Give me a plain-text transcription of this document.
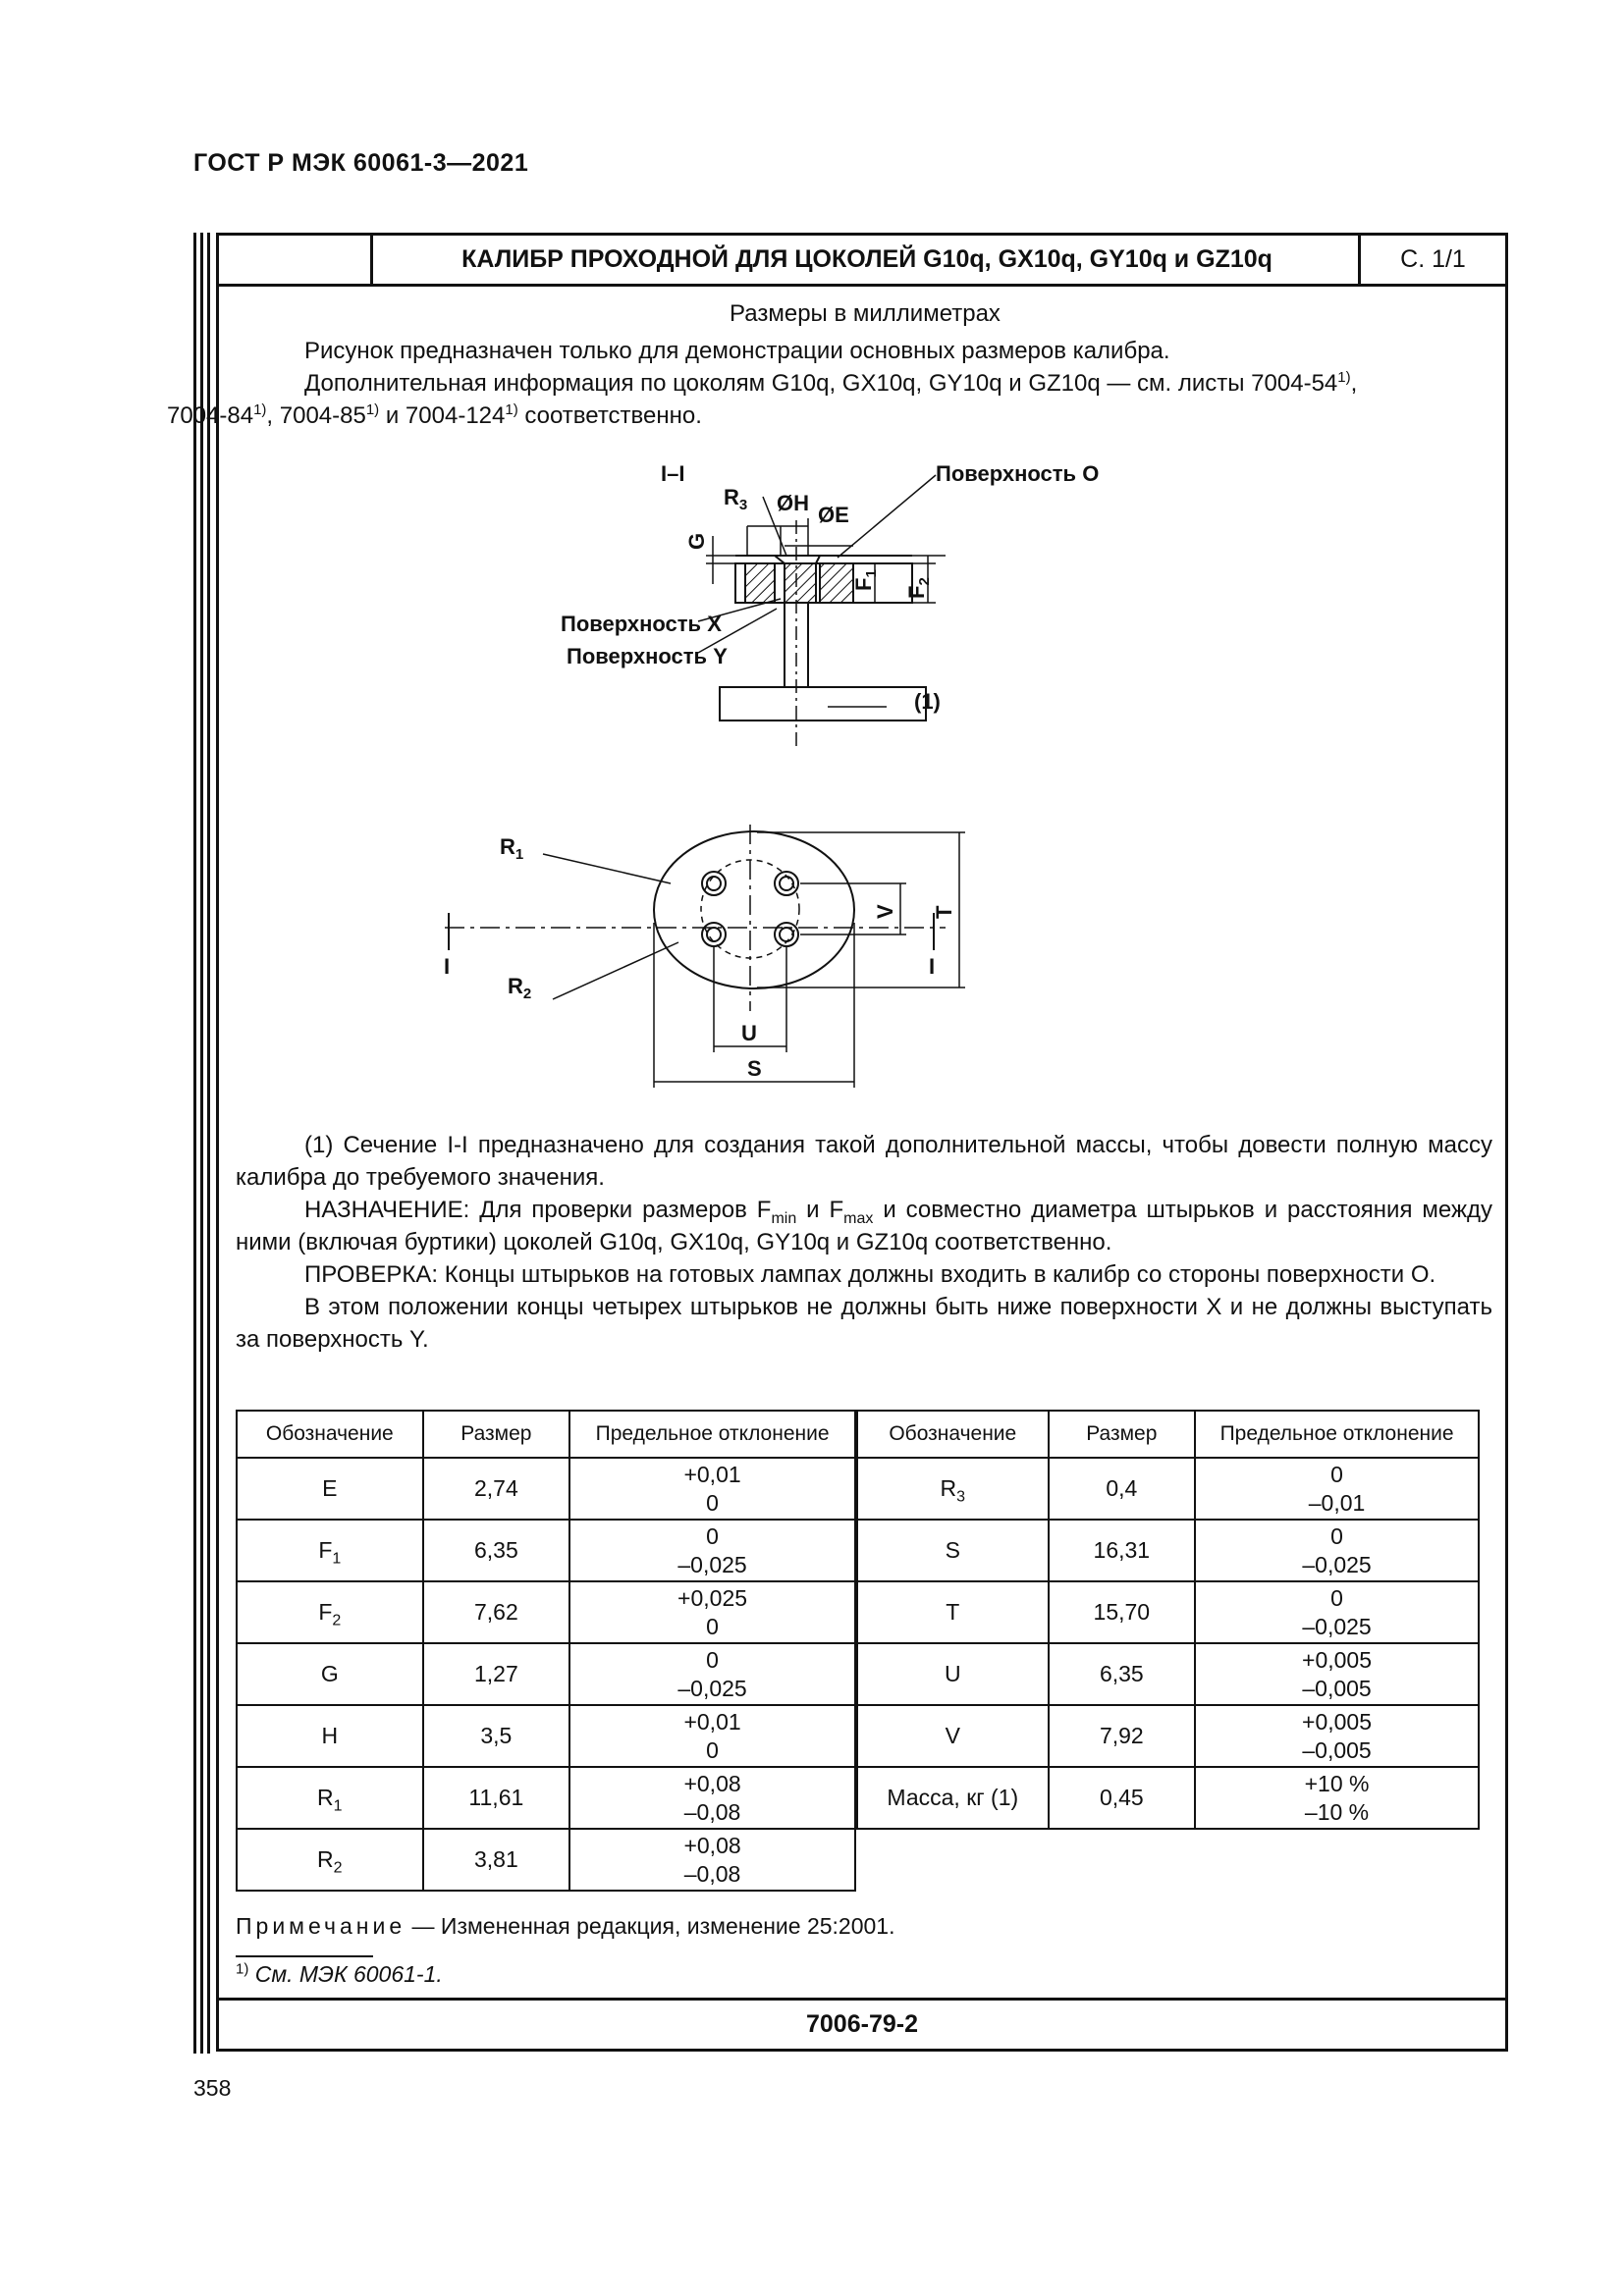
ГОСТ Р МЭК 60061-3—2021
КАЛИБР ПРОХОДНОЙ ДЛЯ ЦОКОЛЕЙ G10q, GX10q, GY10q и GZ10q	С. 1/1
Размеры в миллиметрах

Рисунок предназначен только для демонстрации основных размеров калибра.

Дополнительная информация по цоколям G10q, GX10q, GY10q и GZ10q — см. листы 7004-54$^{1)}$,
7004-84$^{1)}$, 7004-85$^{1)}$ и 7004-124$^{1)}$ соответственно.

I–I
ØH
$R_3$	ØE
Поверхность О
Поверхность X
Поверхность Y
(1)
G
$F_1$
$F_2$
$R_1$
$R_2$
U
S
V T
I	I

(1) Сечение I-I предназначено для создания такой дополнительной массы, чтобы довести полную массу калибра до требуемого значения.

НАЗНАЧЕНИЕ: Для проверки размеров $F_{min}$ и $F_{max}$ и совместно диаметра штырьков и расстояния между ними (включая буртики) цоколей G10q, GX10q, GY10q и GZ10q соответственно.

ПРОВЕРКА: Концы штырьков на готовых лампах должны входить в калибр со стороны поверхности О.

В этом положении концы четырех штырьков не должны быть ниже поверхности X и не должны выступать за поверхность Y.

Обозначение	Размер	Предельное отклонение
E	2,74	+0,01
0

$F_1$	6,35	0
–0,025

$F_2$	7,62	+0,025
0

G	1,27	0
–0,025

H	3,5	+0,01
0

$R_1$	11,61	+0,08
–0,08

$R_2$	3,81	+0,08
–0,08
Обозначение	Размер	Предельное отклонение
$R_3$	0,4	0
–0,01

S	16,31	0
–0,025

T	15,70	0
–0,025

U	6,35	+0,005
–0,005

V	7,92	+0,005
–0,005

Масса, кг (1)	0,45	+10 %
–10 %
Примечание — Измененная редакция, изменение 25:2001.
$^{1)}$ См. МЭК 60061-1.
7006-79-2
358
